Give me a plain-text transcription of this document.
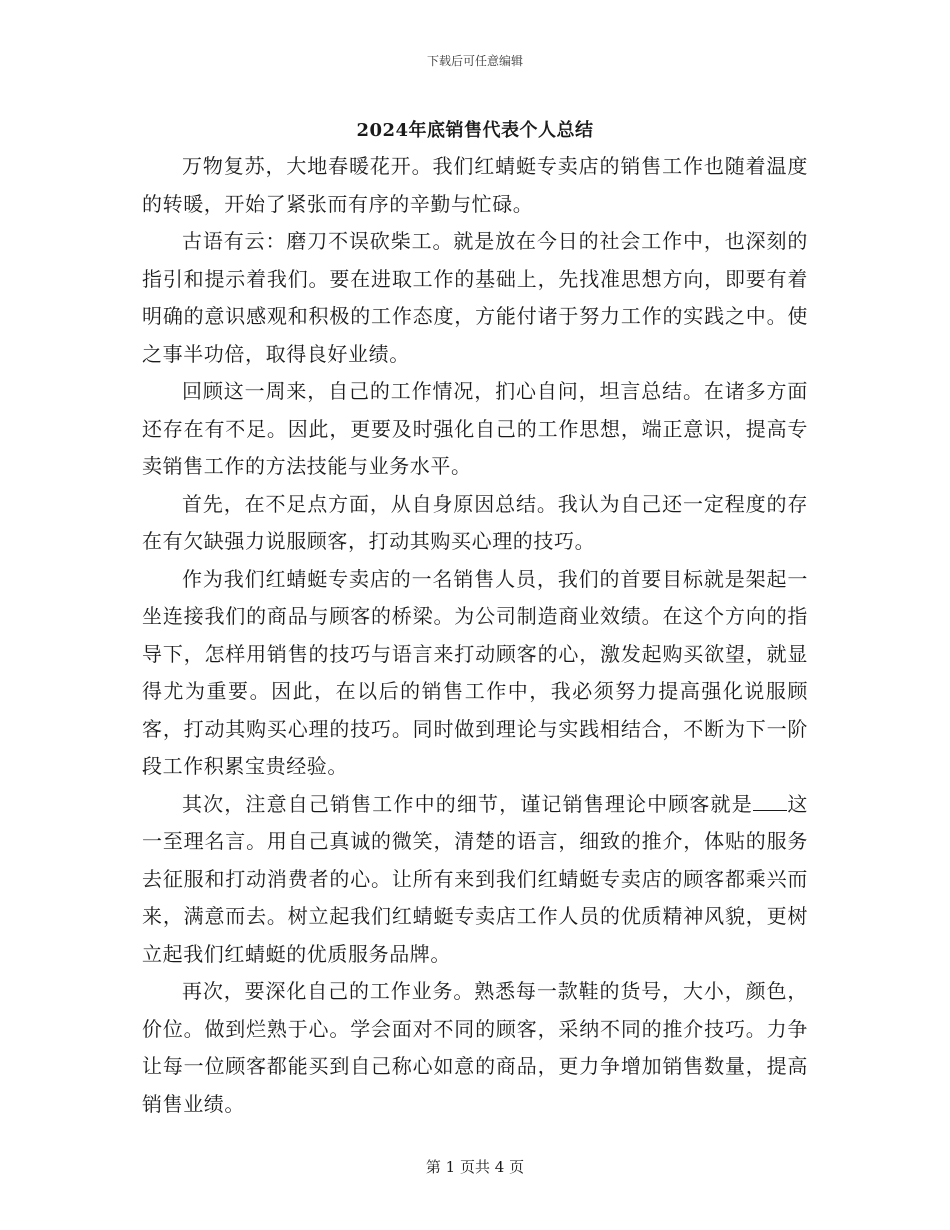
下载后可任意编辑
2024年底销售代表个人总结

万物复苏，大地春暖花开。我们红蜻蜓专卖店的销售工作也随着温度的转暖，开始了紧张而有序的辛勤与忙碌。

古语有云：磨刀不误砍柴工。就是放在今日的社会工作中，也深刻的指引和提示着我们。要在进取工作的基础上，先找准思想方向，即要有着明确的意识感观和积极的工作态度，方能付诸于努力工作的实践之中。使之事半功倍，取得良好业绩。

回顾这一周来，自己的工作情况，扪心自问，坦言总结。在诸多方面还存在有不足。因此，更要及时强化自己的工作思想，端正意识，提高专卖销售工作的方法技能与业务水平。

首先，在不足点方面，从自身原因总结。我认为自己还一定程度的存在有欠缺强力说服顾客，打动其购买心理的技巧。

作为我们红蜻蜓专卖店的一名销售人员，我们的首要目标就是架起一坐连接我们的商品与顾客的桥梁。为公司制造商业效绩。在这个方向的指导下，怎样用销售的技巧与语言来打动顾客的心，激发起购买欲望，就显得尤为重要。因此，在以后的销售工作中，我必须努力提高强化说服顾客，打动其购买心理的技巧。同时做到理论与实践相结合，不断为下一阶段工作积累宝贵经验。

其次，注意自己销售工作中的细节，谨记销售理论中顾客就是 这一至理名言。用自己真诚的微笑，清楚的语言，细致的推介，体贴的服务去征服和打动消费者的心。让所有来到我们红蜻蜓专卖店的顾客都乘兴而来，满意而去。树立起我们红蜻蜓专卖店工作人员的优质精神风貌，更树立起我们红蜻蜓的优质服务品牌。

再次，要深化自己的工作业务。熟悉每一款鞋的货号，大小，颜色，价位。做到烂熟于心。学会面对不同的顾客，采纳不同的推介技巧。力争让每一位顾客都能买到自己称心如意的商品，更力争增加销售数量，提高销售业绩。

第 1 页共 4 页
